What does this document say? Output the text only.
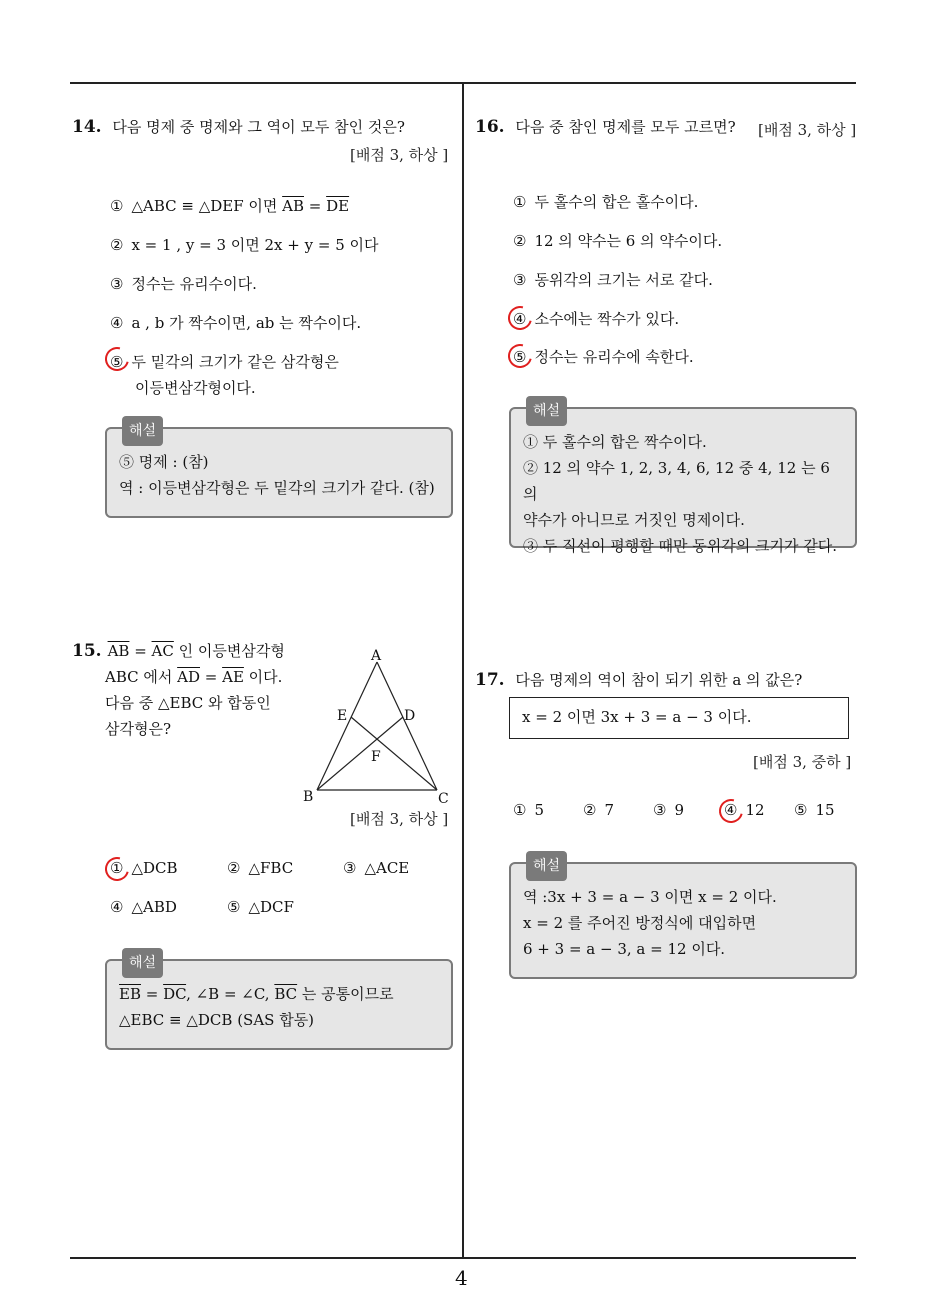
4
14. 다음 명제 중 명제와 그 역이 모두 참인 것은?
[배점 3, 하상 ]
① △ABC ≡ △DEF 이면 $\overline{AB} = \overline{DE}$
② x = 1 , y = 3 이면 2x + y = 5 이다
③ 정수는 유리수이다.
④ a , b 가 짝수이면, ab 는 짝수이다.
⑤ 두 밑각의 크기가 같은 삼각형은
이등변삼각형이다.
해설

⑤ 명제 : (참)

역 : 이등변삼각형은 두 밑각의 크기가 같다. (참)

15. $\overline{AB} = \overline{AC}$ 인 이등변삼각형
ABC 에서 $\overline{AD} = \overline{AE}$ 이다.
다음 중 △EBC 와 합동인
삼각형은?
A
B	C
D
E
F
[배점 3, 하상 ]
① △DCB	② △FBC	③ △ACE
④ △ABD	⑤ △DCF
해설

$\overline{EB} = \overline{DC}$, ∠B = ∠C, $\overline{BC}$ 는 공통이므로

△EBC ≡ △DCB (SAS 합동)

16. 다음 중 참인 명제를 모두 고르면? [배점 3, 하상 ]
① 두 홀수의 합은 홀수이다.
② 12 의 약수는 6 의 약수이다.
③ 동위각의 크기는 서로 같다.
④ 소수에는 짝수가 있다.
⑤ 정수는 유리수에 속한다.
해설

① 두 홀수의 합은 짝수이다.

② 12 의 약수 1, 2, 3, 4, 6, 12 중 4, 12 는 6 의

약수가 아니므로 거짓인 명제이다.

③ 두 직선이 평행할 때만 동위각의 크기가 같다.

17. 다음 명제의 역이 참이 되기 위한 a 의 값은?
x = 2 이면 3x + 3 = a − 3 이다.
[배점 3, 중하 ]
① 5	② 7	③ 9	④ 12 ⑤ 15
해설

역 :3x + 3 = a − 3 이면 x = 2 이다.

x = 2 를 주어진 방정식에 대입하면

6 + 3 = a − 3, a = 12 이다.
